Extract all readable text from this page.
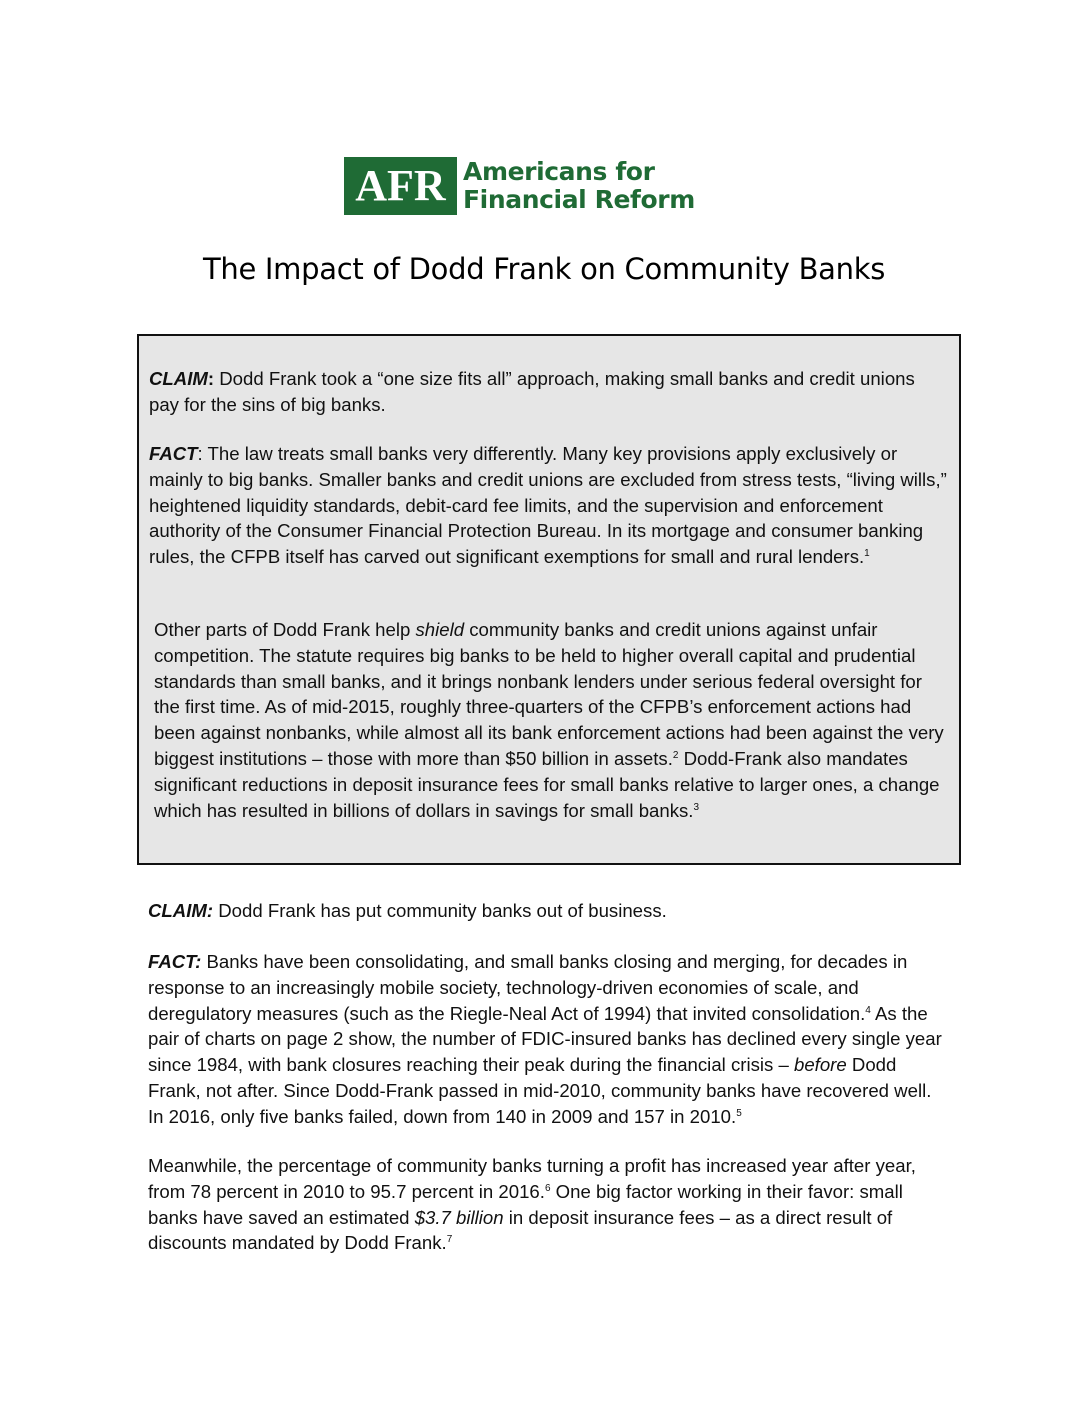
AFR Americans for
Financial Reform
The Impact of Dodd Frank on Community Banks

CLAIM: Dodd Frank took a “one size fits all” approach, making small banks and credit unions pay for the sins of big banks.

FACT: The law treats small banks very differently. Many key provisions apply exclusively or mainly to big banks. Smaller banks and credit unions are excluded from stress tests, “living wills,” heightened liquidity standards, debit-card fee limits, and the supervision and enforcement authority of the Consumer Financial Protection Bureau. In its mortgage and consumer banking rules, the CFPB itself has carved out significant exemptions for small and rural lenders.$^1$

Other parts of Dodd Frank help shield community banks and credit unions against unfair competition. The statute requires big banks to be held to higher overall capital and prudential standards than small banks, and it brings nonbank lenders under serious federal oversight for the first time. As of mid-2015, roughly three-quarters of the CFPB’s enforcement actions had been against nonbanks, while almost all its bank enforcement actions had been against the very biggest institutions – those with more than $50 billion in assets.$^2$ Dodd-Frank also mandates significant reductions in deposit insurance fees for small banks relative to larger ones, a change which has resulted in billions of dollars in savings for small banks.$^3$

CLAIM: Dodd Frank has put community banks out of business.

FACT: Banks have been consolidating, and small banks closing and merging, for decades in response to an increasingly mobile society, technology-driven economies of scale, and deregulatory measures (such as the Riegle-Neal Act of 1994) that invited consolidation.$^4$ As the pair of charts on page 2 show, the number of FDIC-insured banks has declined every single year since 1984, with bank closures reaching their peak during the financial crisis – before Dodd Frank, not after. Since Dodd-Frank passed in mid-2010, community banks have recovered well. In 2016, only five banks failed, down from 140 in 2009 and 157 in 2010.$^5$

Meanwhile, the percentage of community banks turning a profit has increased year after year, from 78 percent in 2010 to 95.7 percent in 2016.$^6$ One big factor working in their favor: small banks have saved an estimated $3.7 billion in deposit insurance fees – as a direct result of discounts mandated by Dodd Frank.$^7$
